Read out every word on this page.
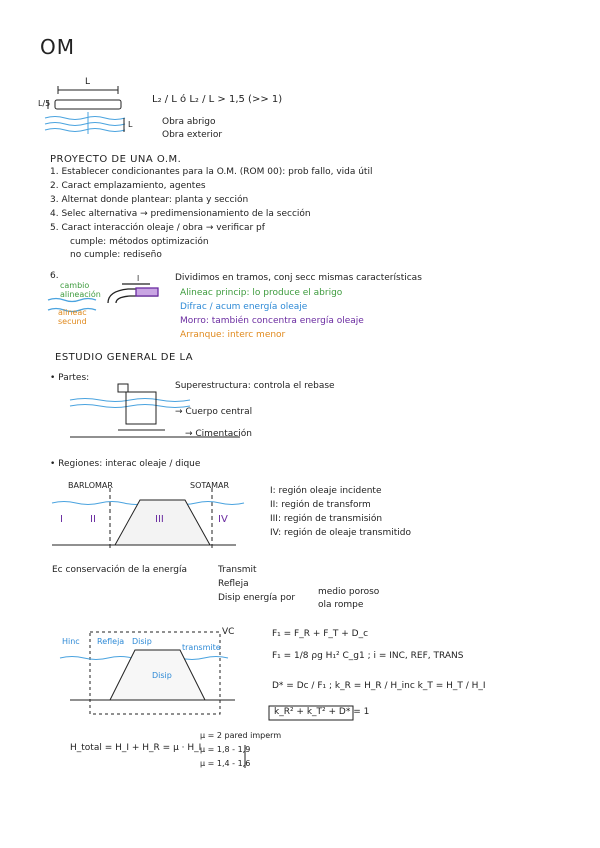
OM
L
L/5
L
L₂ / L ó L₂ / L > 1,5 (>> 1)
Obra abrigo
Obra exterior
PROYECTO DE UNA O.M.
1. Establecer condicionantes para la O.M. (ROM 00): prob fallo, vida útil
2. Caract emplazamiento, agentes
3. Alternat donde plantear: planta y sección
4. Selec alternativa → predimensionamiento de la sección
5. Caract interacción oleaje / obra → verificar pf
cumple: métodos optimización
no cumple: rediseño
6.
cambio alineación
alineac secund
l	Dividimos en tramos, conj secc mismas características
Alineac princip: lo produce el abrigo
Difrac / acum energía oleaje
Morro: también concentra energía oleaje
Arranque: interc menor
ESTUDIO GENERAL DE LA
• Partes:
Superestructura: controla el rebase
→ Cuerpo central
→ Cimentación
• Regiones: interac oleaje / dique
BARLOMAR	SOTAMAR
I	II	III	IV
I: región oleaje incidente
II: región de transform
III: región de transmisión
IV: región de oleaje transmitido
Ec conservación de la energía	Transmit
Refleja
Disip energía por
medio poroso
ola rompe
VC
Hinc Refleja Disip
transmite
Disip
F₁ = F_R + F_T + D_c
F₁ = 1/8 ρg H₁² C_g1 ; i = INC, REF, TRANS
D* = Dc / F₁ ; k_R = H_R / H_inc k_T = H_T / H_I
k_R² + k_T² + D* = 1
H_total = H_I + H_R = μ · H_I
μ = 2 pared imperm
μ = 1,8 - 1,9
μ = 1,4 - 1,6
